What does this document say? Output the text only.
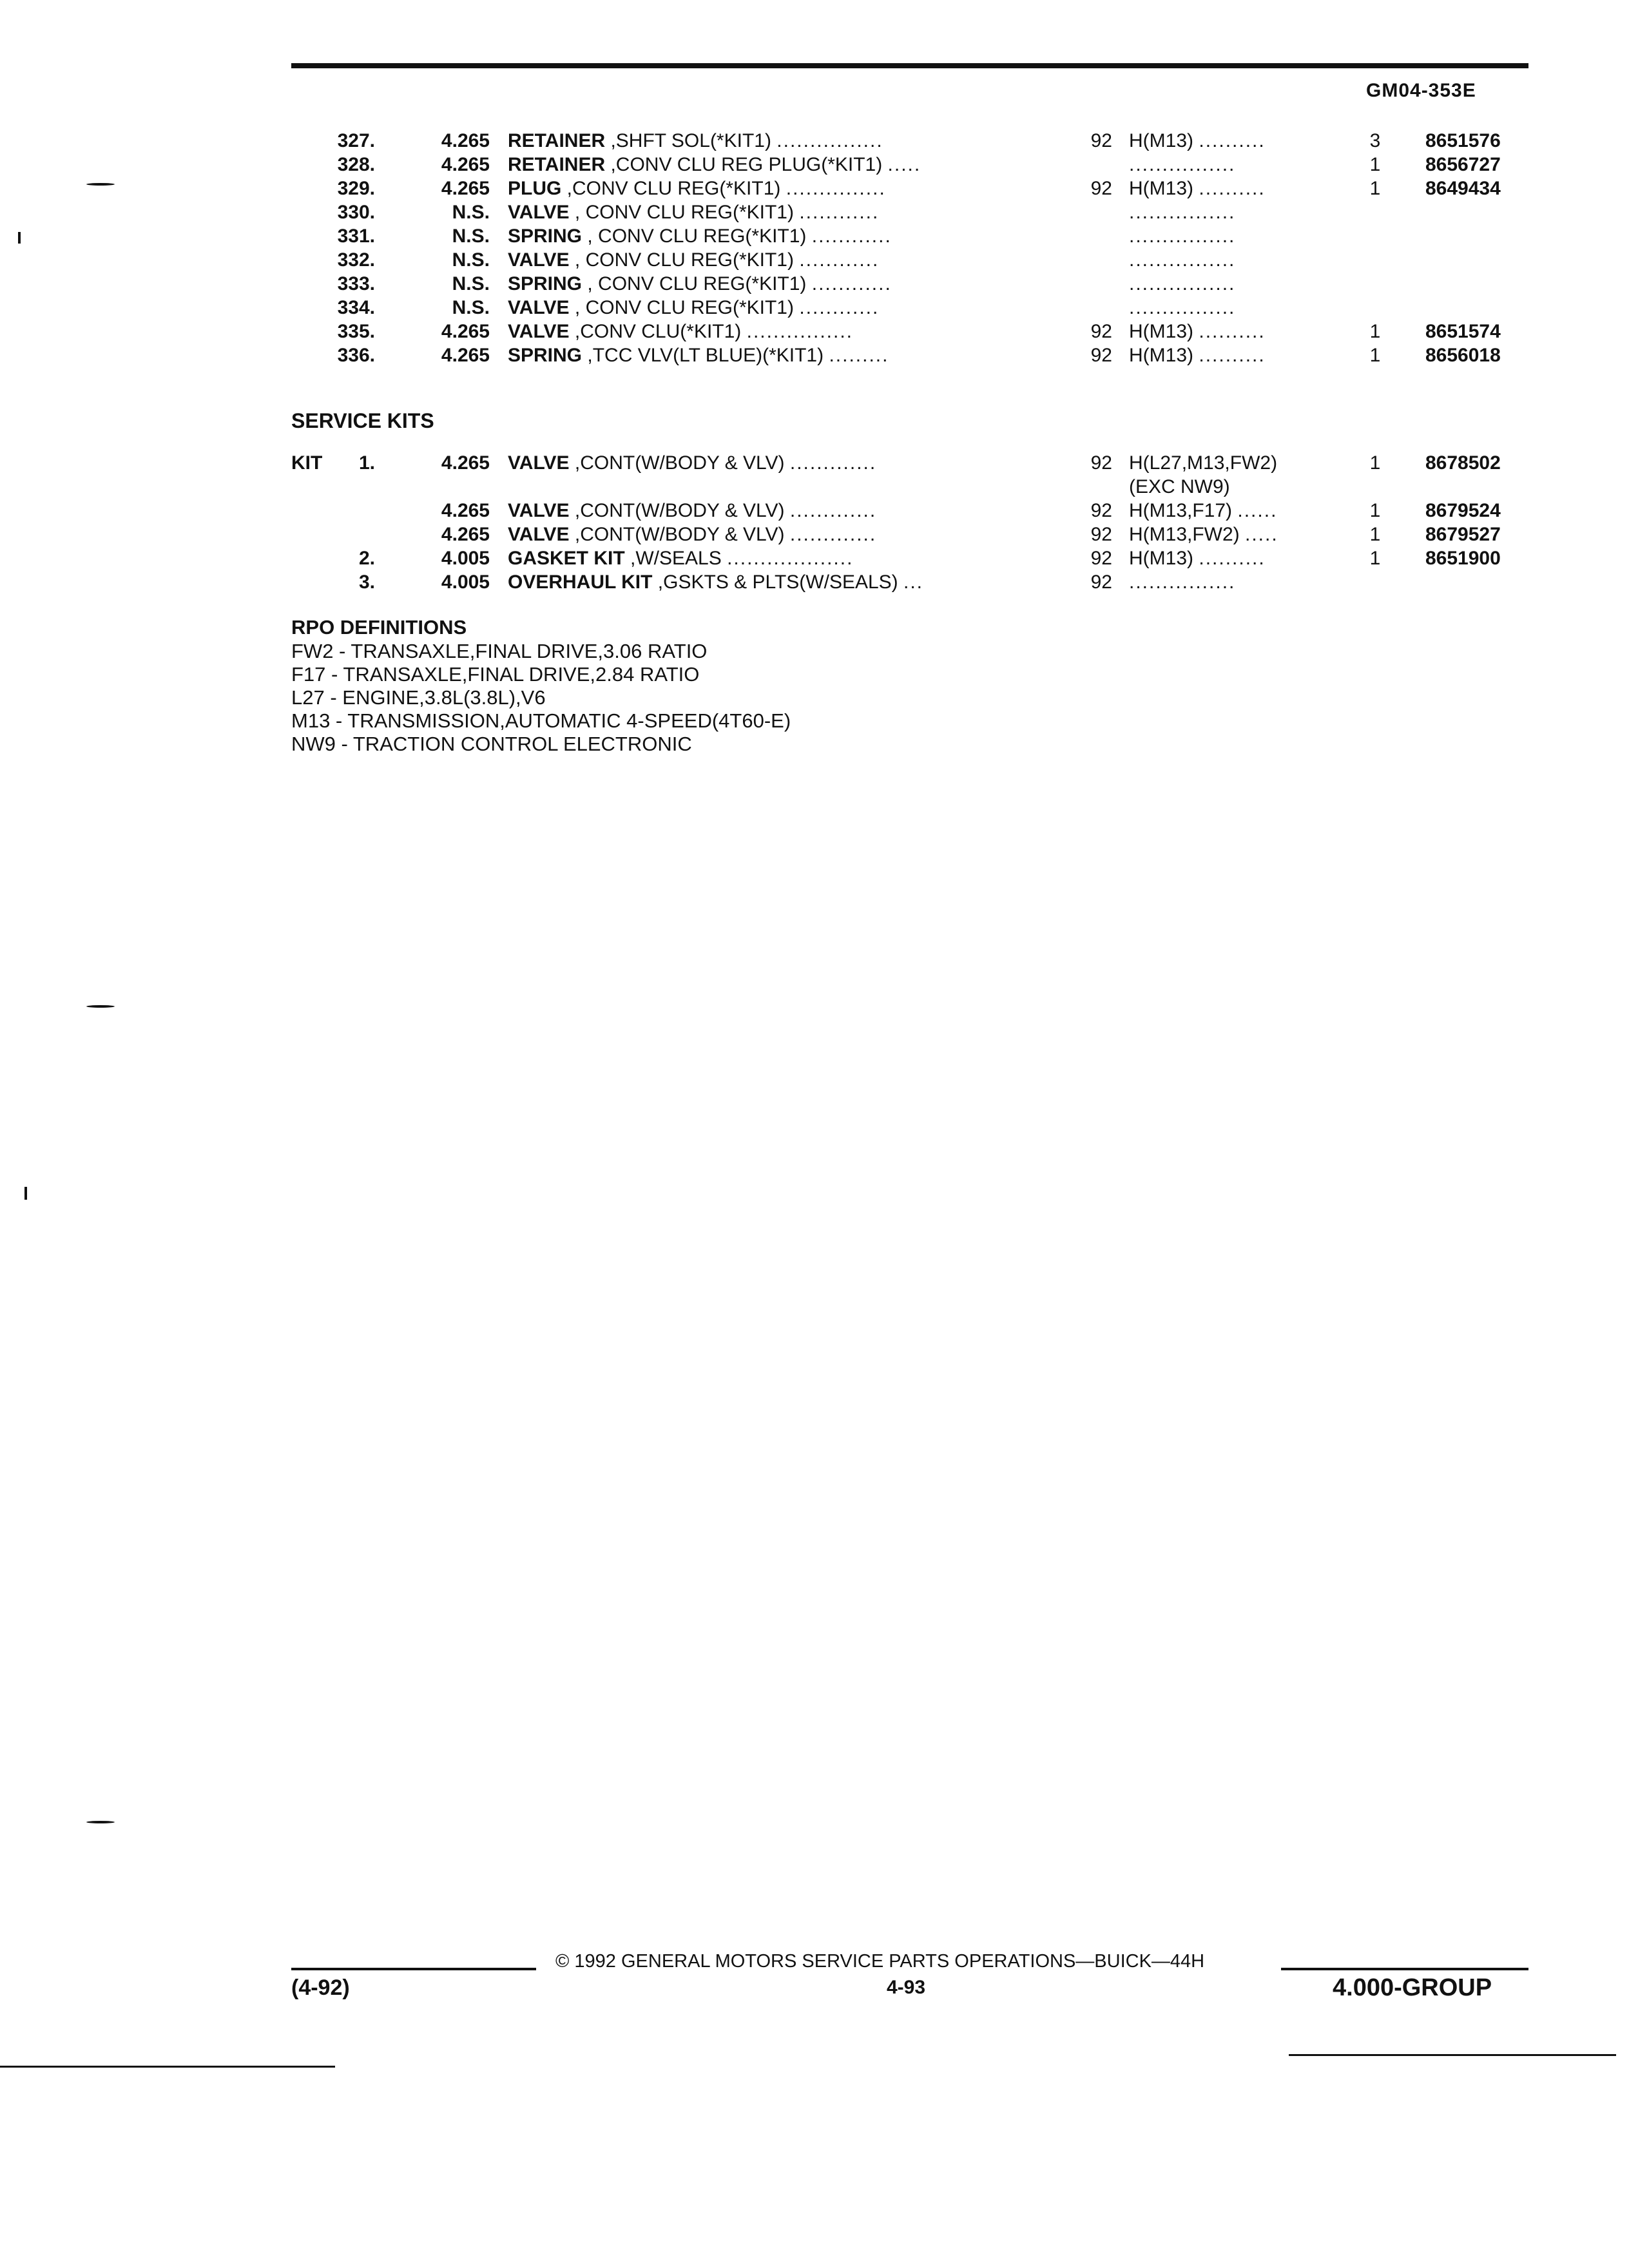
GM04-353E
327.	4.265 RETAINER ,SHFT SOL(*KIT1) ................	92 H(M13) ..........	3	8651576
328.	4.265 RETAINER ,CONV CLU REG PLUG(*KIT1) .....	................	1	8656727
329.	4.265 PLUG ,CONV CLU REG(*KIT1) ...............	92 H(M13) ..........	1	8649434
330.	N.S. VALVE , CONV CLU REG(*KIT1) ............	................
331.	N.S. SPRING , CONV CLU REG(*KIT1) ............	................
332.	N.S. VALVE , CONV CLU REG(*KIT1) ............	................
333.	N.S. SPRING , CONV CLU REG(*KIT1) ............	................
334.	N.S. VALVE , CONV CLU REG(*KIT1) ............	................
335.	4.265 VALVE ,CONV CLU(*KIT1) ................	92 H(M13) ..........	1	8651574
336.	4.265 SPRING ,TCC VLV(LT BLUE)(*KIT1) .........	92 H(M13) ..........	1	8656018
SERVICE KITS
KIT	1.	4.265 VALVE ,CONT(W/BODY & VLV) .............	92 H(L27,M13,FW2)	1	8678502
(EXC NW9)
4.265 VALVE ,CONT(W/BODY & VLV) .............	92 H(M13,F17) ......	1	8679524
4.265 VALVE ,CONT(W/BODY & VLV) .............	92 H(M13,FW2) .....	1	8679527
2.	4.005 GASKET KIT ,W/SEALS ...................	92 H(M13) ..........	1	8651900
3.	4.005 OVERHAUL KIT ,GSKTS & PLTS(W/SEALS) ...	92 ................
RPO DEFINITIONS
FW2 - TRANSAXLE,FINAL DRIVE,3.06 RATIO
F17 - TRANSAXLE,FINAL DRIVE,2.84 RATIO
L27 - ENGINE,3.8L(3.8L),V6
M13 - TRANSMISSION,AUTOMATIC 4-SPEED(4T60-E)
NW9 - TRACTION CONTROL ELECTRONIC
© 1992 GENERAL MOTORS SERVICE PARTS OPERATIONS—BUICK—44H
(4-92)	4-93	4.000-GROUP
